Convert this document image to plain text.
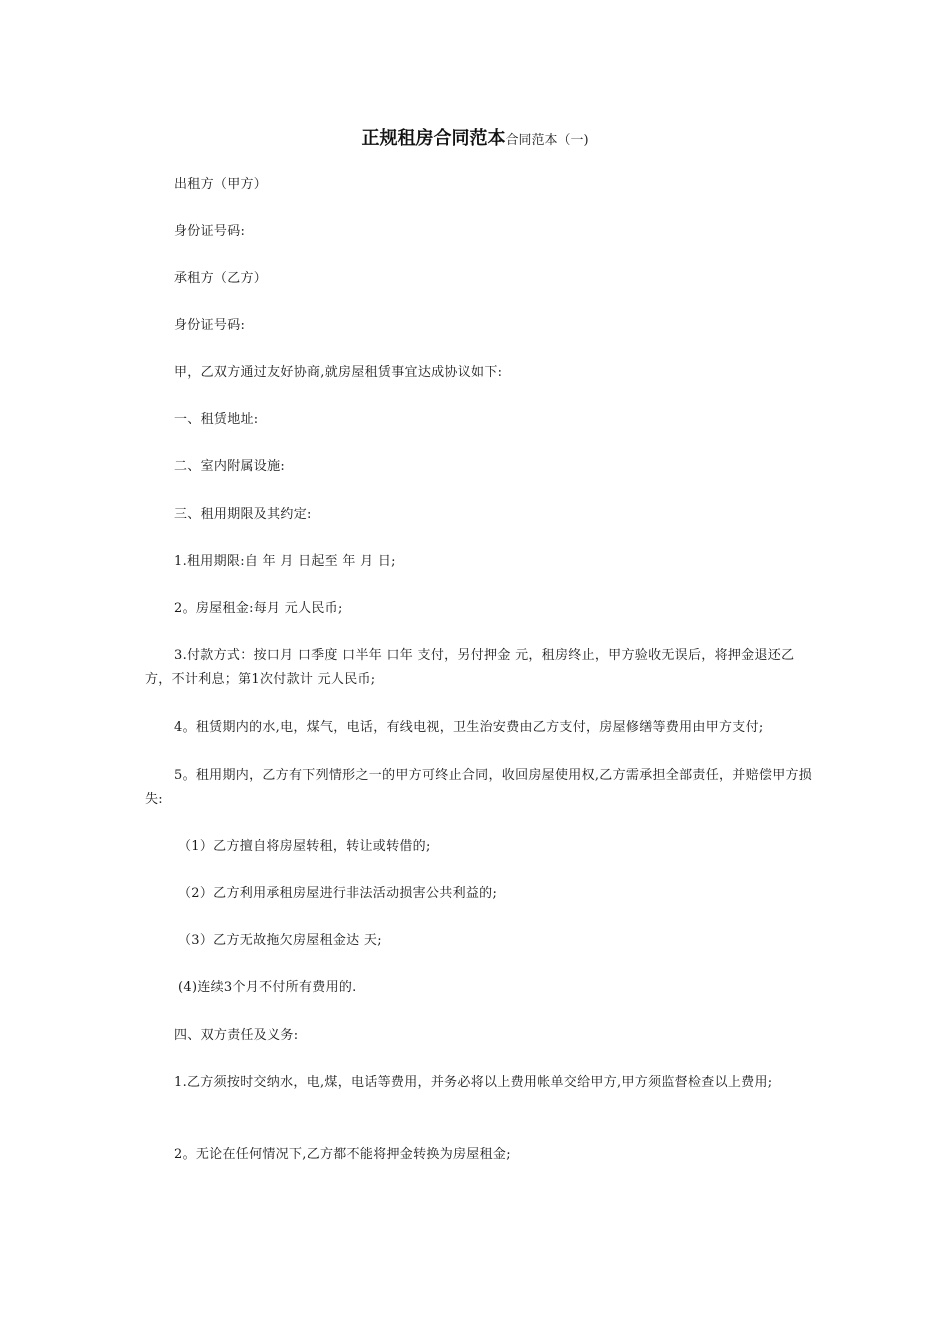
正规租房合同范本合同范本（一)
出租方（甲方）
身份证号码:
承租方（乙方）
身份证号码:
甲，乙双方通过友好协商,就房屋租赁事宜达成协议如下:
一、租赁地址:
二、室内附属设施:
三、租用期限及其约定:
1.租用期限:自 年 月 日起至 年 月 日;
2。房屋租金:每月 元人民币;
3.付款方式：按口月 口季度 口半年 口年 支付，另付押金 元，租房终止，甲方验收无误后，将押金退还乙方，不计利息；第1次付款计 元人民币;
4。租赁期内的水,电，煤气，电话，有线电视，卫生治安费由乙方支付，房屋修缮等费用由甲方支付;
5。租用期内，乙方有下列情形之一的甲方可终止合同，收回房屋使用权,乙方需承担全部责任，并赔偿甲方损失:
（1）乙方擅自将房屋转租，转让或转借的;
（2）乙方利用承租房屋进行非法活动损害公共利益的;
（3）乙方无故拖欠房屋租金达 天;
(4)连续3个月不付所有费用的.
四、双方责任及义务:
1.乙方须按时交纳水，电,煤，电话等费用，并务必将以上费用帐单交给甲方,甲方须监督检查以上费用;
2。无论在任何情况下,乙方都不能将押金转换为房屋租金;
